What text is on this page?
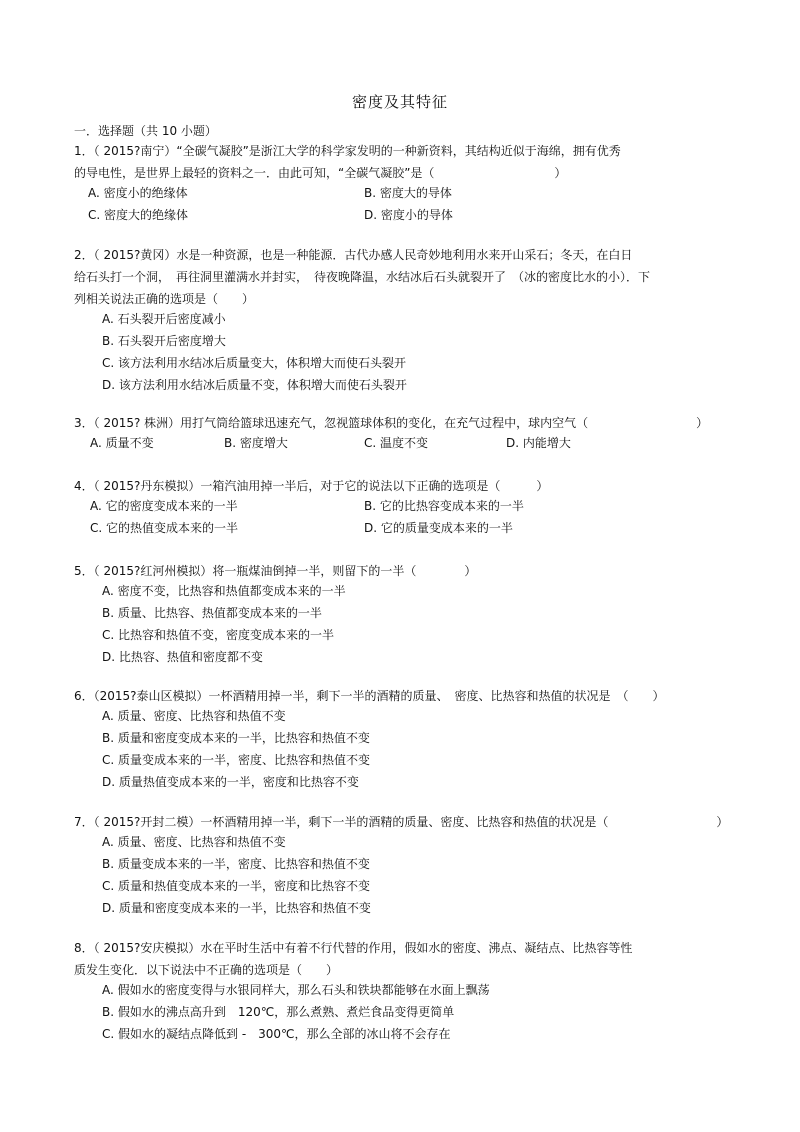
密度及其特征
一．选择题（共 10 小题）

1．（ 2015?南宁）“全碳气凝胶”是浙江大学的科学家发明的一种新资料，其结构近似于海绵，拥有优秀
的导电性，是世界上最轻的资料之一．由此可知，“全碳气凝胶”是（　　　　　　　　　　）

A. 密度小的绝缘体	B. 密度大的导体
C. 密度大的绝缘体	D. 密度小的导体

2．（ 2015?黄冈）水是一种资源，也是一种能源．古代办感人民奇妙地利用水来开山采石；冬天，在白日
给石头打一个洞，　再往洞里灌满水并封实，　待夜晚降温，水结冰后石头就裂开了　（冰的密度比水的小）．下
列相关说法正确的选项是（　　）

A. 石头裂开后密度减小
B. 石头裂开后密度增大
C. 该方法利用水结冰后质量变大，体积增大而使石头裂开
D. 该方法利用水结冰后质量不变，体积增大而使石头裂开

3．（ 2015? 株洲）用打气筒给篮球迅速充气，忽视篮球体积的变化，在充气过程中，球内空气（　　　　　　　　　）

A. 质量不变	B. 密度增大	C. 温度不变	D. 内能增大

4．（ 2015?丹东模拟）一箱汽油用掉一半后，对于它的说法以下正确的选项是（　　　）

A. 它的密度变成本来的一半	B. 它的比热容变成本来的一半
C. 它的热值变成本来的一半	D. 它的质量变成本来的一半

5．（ 2015?红河州模拟）将一瓶煤油倒掉一半，则留下的一半（　　　　）

A. 密度不变，比热容和热值都变成本来的一半
B. 质量、比热容、热值都变成本来的一半
C. 比热容和热值不变，密度变成本来的一半
D. 比热容、热值和密度都不变

6．（2015?泰山区模拟）一杯酒精用掉一半，剩下一半的酒精的质量、　密度、比热容和热值的状况是　（　　）

A. 质量、密度、比热容和热值不变
B. 质量和密度变成本来的一半，比热容和热值不变
C. 质量变成本来的一半，密度、比热容和热值不变
D. 质量热值变成本来的一半，密度和比热容不变

7．（ 2015?开封二模）一杯酒精用掉一半，剩下一半的酒精的质量、密度、比热容和热值的状况是（　　　　　　　　　）

A. 质量、密度、比热容和热值不变
B. 质量变成本来的一半，密度、比热容和热值不变
C. 质量和热值变成本来的一半，密度和比热容不变
D. 质量和密度变成本来的一半，比热容和热值不变

8．（ 2015?安庆模拟）水在平时生活中有着不行代替的作用，假如水的密度、沸点、凝结点、比热容等性
质发生变化．以下说法中不正确的选项是（　　）

A. 假如水的密度变得与水银同样大，那么石头和铁块都能够在水面上飘荡
B. 假如水的沸点高升到　120℃，那么煮熟、煮烂食品变得更简单
C. 假如水的凝结点降低到 -　300℃，那么全部的冰山将不会存在
